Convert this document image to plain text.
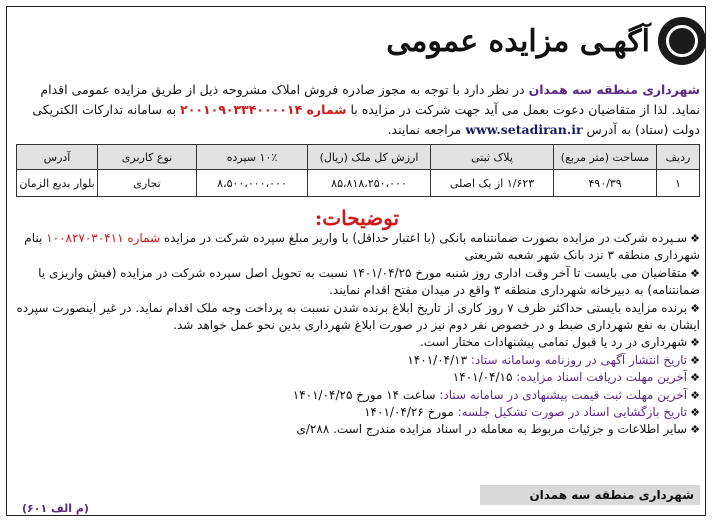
آگهـی مزایده عمومی
شهرداری منطقه سه همدان در نظر دارد با توجه به مجوز صادره فروش املاک مشروحه ذیل از طریق مزایده عمومی اقدام نماید. لذا از متقاضیان دعوت بعمل می آید جهت شرکت در مزایده با شماره ۲۰۰۱۰۹۰۳۳۴۰۰۰۰۱۴ به سامانه تدارکات الکتریکی دولت (ستاد) به آدرس www.setadiran.ir مراجعه نمایند.
ردیف	مساحت (متر مربع)	پلاک ثبتی	ارزش کل ملک (ریال)	۱۰٪ سپرده	نوع کاربری	آدرس
۱	۴۹۰/۳۹	۱/۶۲۳ از یک اصلی	۸۵،۸۱۸،۲۵۰،۰۰۰	۸،۵۰۰،۰۰۰،۰۰۰	تجاری	بلوار بدیع الزمان
توضیحات:

❖سـپرده شرکت در مزایده بصورت ضمانتنامه بانکی (با اعتبار حداقل) یا واریز مبلغ سپرده شرکت در مزایده شماره ۱۰۰۸۲۷۰۳۰۴۱۱ بنام شهرداری منطقه ۳ نزد بانک شهر شعبه شریعتی

❖متقاضیان می بایست تا آخر وقت اداری روز شنبه مورخ ۱۴۰۱/۰۴/۲۵ نسبت به تحویل اصل سپرده شرکت در مزایده (فیش واریزی یا ضمانتنامه) به دبیرخانه شهرداری منطقه ۳ واقع در میدان مفتح اقدام نمایند.

❖برنده مزایده بایستی حداکثر ظرف ۷ روز کاری از تاریخ ابلاغ برنده شدن نسبت به پرداخت وجه ملک اقدام نماید. در غیر اینصورت سپرده ایشان به نفع شهرداری ضبط و در خصوص نفر دوم نیز در صورت ابلاغ شهرداری بدین نحو عمل خواهد شد.

❖شهرداری در رد یا قبول تمامی پیشنهادات مختار است.

❖تاریخ انتشار آگهی در روزنامه وسامانه ستاد: ۱۴۰۱/۰۴/۱۳

❖آخرین مهلت دریافت اسناد مزایده: ۱۴۰۱/۰۴/۱۵

❖آخرین مهلت ثبت قیمت پیشنهادی در سامانه ستاد: ساعت ۱۴ مورخ ۱۴۰۱/۰۴/۲۵

❖تاریخ بازگشایی اسناد در صورت تشکیل جلسه: مورخ ۱۴۰۱/۰۴/۲۶

❖سایر اطلاعات و جزئیات مربوط به معامله در اسناد مزایده مندرج است. ۲۸۸/ی

شهرداری منطقه سه همدان
(م الف ۶۰۱)
